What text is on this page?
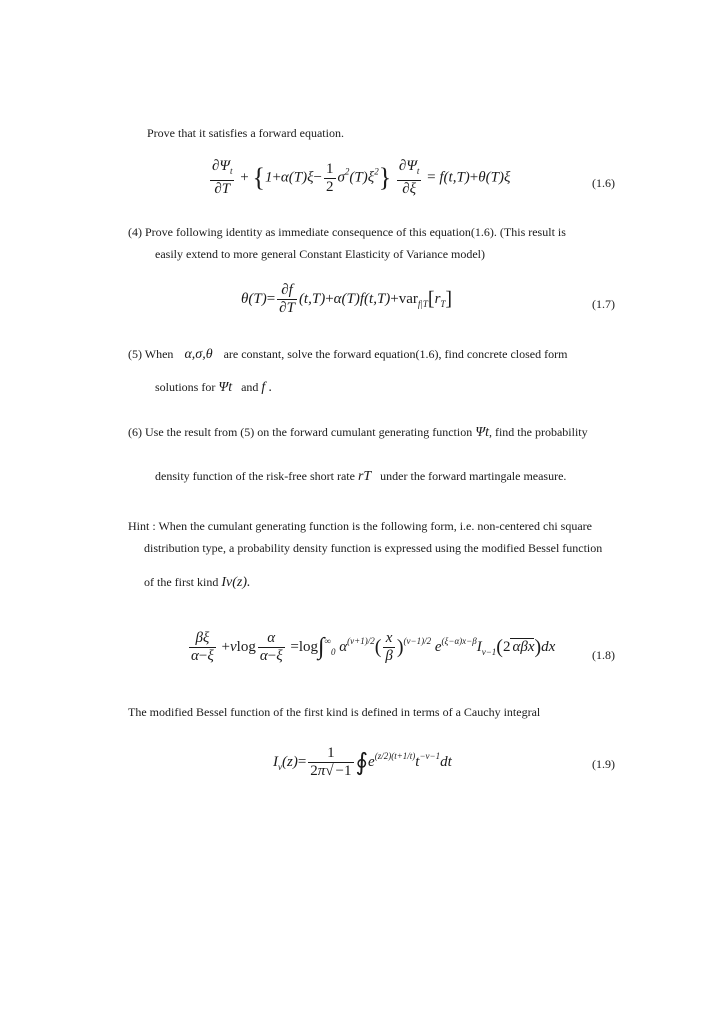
Prove that it satisfies a forward equation.
$\frac{\partial\Psi_t}{\partial T} + \{1+\alpha(T)\xi- \frac{1}{2} \sigma^2(T)\xi^2\} \frac{\partial\Psi_t}{\partial\xi} = f(t,T)+\theta(T)\xi$	(1.6)
(4) Prove following identity as immediate consequence of this equation(1.6). (This result is
easily extend to more general Constant Elasticity of Variance model)
$\theta(T)= \frac{\partial f}{\partial T} (t,T)+\alpha(T)f(t,T)+var_{f|T}[r_T]$	(1.7)
(5) When α,σ,θ are constant, solve the forward equation(1.6), find concrete closed form
solutions for Ψt and f .
(6) Use the result from (5) on the forward cumulant generating function Ψt, find the probability
density function of the risk-free short rate rT under the forward martingale measure.
Hint : When the cumulant generating function is the following form, i.e. non-centered chi square
distribution type, a probability density function is expressed using the modified Bessel function
of the first kind Iν(z).
$\frac{\beta\xi}{\alpha-\xi} +\nu\log \frac{\alpha}{\alpha-\xi} =\log\int^\infty_0$ $\alpha^{(\nu+1)/2}( \frac{x}{\beta} )^{(\nu-1)/2}$ $e^{(\xi-\alpha)x-\beta}I_{\nu-1}(2$ αβx)dx
(1.8)
The modified Bessel function of the first kind is defined in terms of a Cauchy integral
$I_\nu(z)= \frac{1}{2\pi√ -1}$ $∮e^{(z/2)(t+1/t)}t^{-\nu-1}dt$	(1.9)
